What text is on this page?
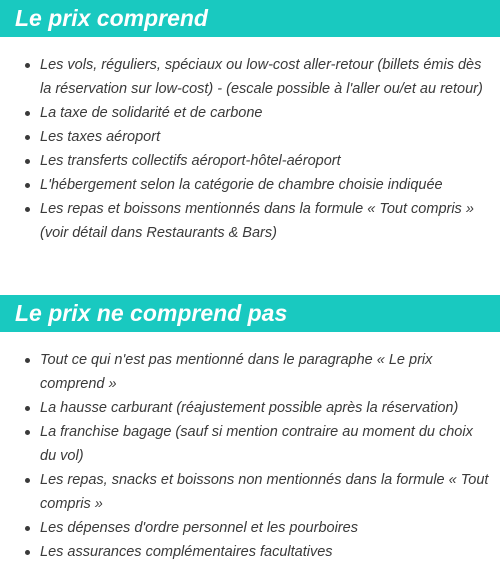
Le prix comprend
Les vols, réguliers, spéciaux ou low-cost aller-retour (billets émis dès la réservation sur low-cost) - (escale possible à l'aller ou/et au retour)
La taxe de solidarité et de carbone
Les taxes aéroport
Les transferts collectifs aéroport-hôtel-aéroport
L'hébergement selon la catégorie de chambre choisie indiquée
Les repas et boissons mentionnés dans la formule « Tout compris » (voir détail dans Restaurants & Bars)
Le prix ne comprend pas
Tout ce qui n'est pas mentionné dans le paragraphe « Le prix comprend »
La hausse carburant (réajustement possible après la réservation)
La franchise bagage (sauf si mention contraire au moment du choix du vol)
Les repas, snacks et boissons non mentionnés dans la formule « Tout compris »
Les dépenses d'ordre personnel et les pourboires
Les assurances complémentaires facultatives
